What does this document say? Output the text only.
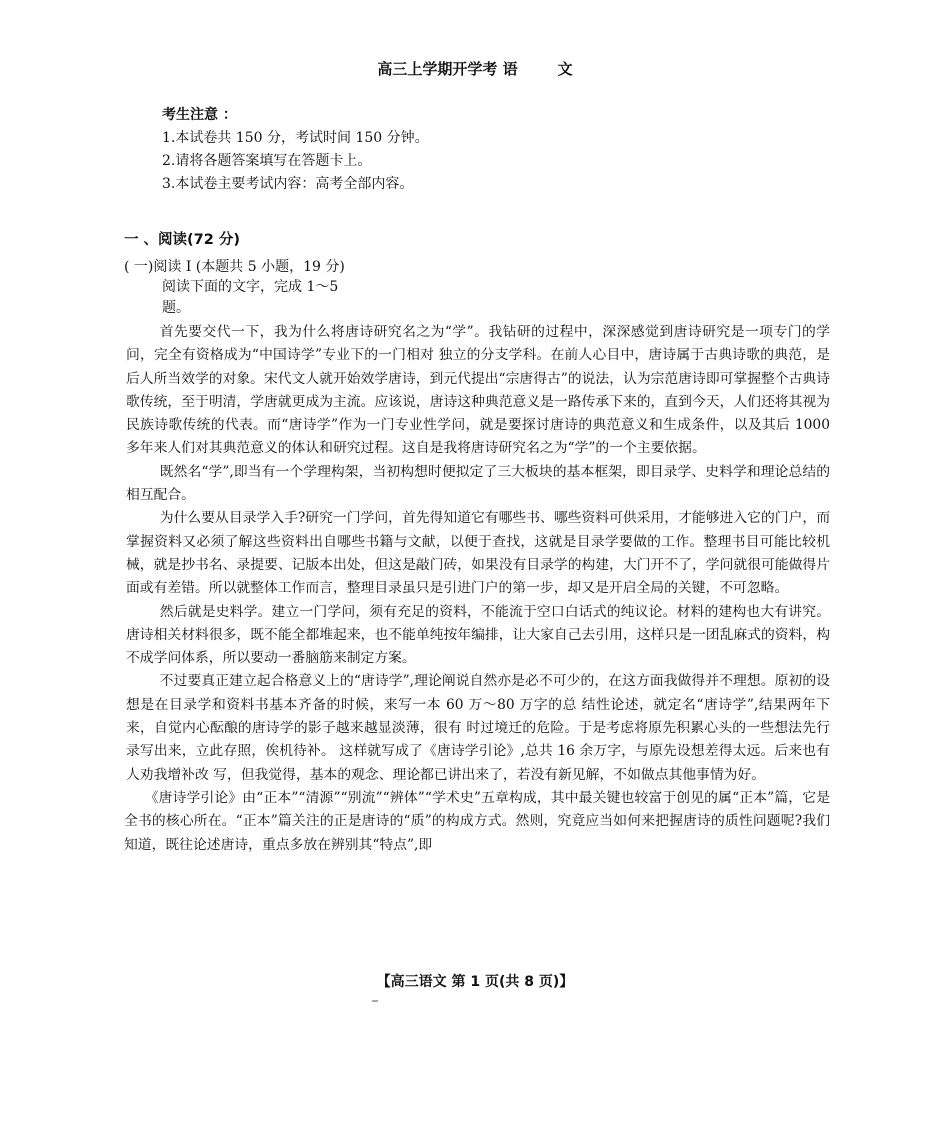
高三上学期开学考 语	文
考生注意 ：
1.本试卷共 150 分，考试时间 150 分钟。
2.请将各题答案填写在答题卡上。
3.本试卷主要考试内容：高考全部内容。
一 、阅读(72 分)
( 一)阅读 I (本题共 5 小题，19 分)
阅读下面的文字，完成 1～5
题。

首先要交代一下，我为什么将唐诗研究名之为“学”。我钻研的过程中，深深感觉到唐诗研究是一项专门的学问，完全有资格成为“中国诗学”专业下的一门相对 独立的分支学科。在前人心目中，唐诗属于古典诗歌的典范，是后人所当效学的对象。宋代文人就开始效学唐诗，到元代提出“宗唐得古”的说法，认为宗范唐诗即可掌握整个古典诗歌传统，至于明清，学唐就更成为主流。应该说，唐诗这种典范意义是一路传承下来的，直到今天，人们还将其视为民族诗歌传统的代表。而“唐诗学”作为一门专业性学问，就是要探讨唐诗的典范意义和生成条件，以及其后 1000 多年来人们对其典范意义的体认和研究过程。这自是我将唐诗研究名之为“学”的一个主要依据。

既然名“学”,即当有一个学理构架，当初构想时便拟定了三大板块的基本框架，即目录学、史料学和理论总结的相互配合。

为什么要从目录学入手?研究一门学问，首先得知道它有哪些书、哪些资料可供采用，才能够进入它的门户，而掌握资料又必须了解这些资料出自哪些书籍与文献，以便于查找，这就是目录学要做的工作。整理书目可能比较机械，就是抄书名、录提要、记版本出处，但这是敲门砖，如果没有目录学的构建，大门开不了，学问就很可能做得片面或有差错。所以就整体工作而言，整理目录虽只是引进门户的第一步，却又是开启全局的关键，不可忽略。

然后就是史料学。建立一门学问，须有充足的资料，不能流于空口白话式的纯议论。材料的建构也大有讲究。唐诗相关材料很多，既不能全都堆起来，也不能单纯按年编排，让大家自己去引用，这样只是一团乱麻式的资料，构不成学问体系，所以要动一番脑筋来制定方案。

不过要真正建立起合格意义上的“唐诗学”,理论阐说自然亦是必不可少的，在这方面我做得并不理想。原初的设想是在目录学和资料书基本齐备的时候，来写一本 60 万～80 万字的总 结性论述，就定名“唐诗学”,结果两年下来，自觉内心酝酿的唐诗学的影子越来越显淡薄，很有 时过境迁的危险。于是考虑将原先积累心头的一些想法先行录写出来，立此存照，俟机待补。 这样就写成了《唐诗学引论》,总共 16 余万字，与原先设想差得太远。后来也有人劝我增补改 写，但我觉得，基本的观念、理论都已讲出来了，若没有新见解，不如做点其他事情为好。

《唐诗学引论》由“正本”“清源”“别流”“辨体”“学术史”五章构成，其中最关键也较富于创见的属“正本”篇，它是全书的核心所在。“正本”篇关注的正是唐诗的“质”的构成方式。然则，究竟应当如何来把握唐诗的质性问题呢?我们知道，既往论述唐诗，重点多放在辨别其“特点”,即

【高三语文 第 1 页(共 8 页)】
